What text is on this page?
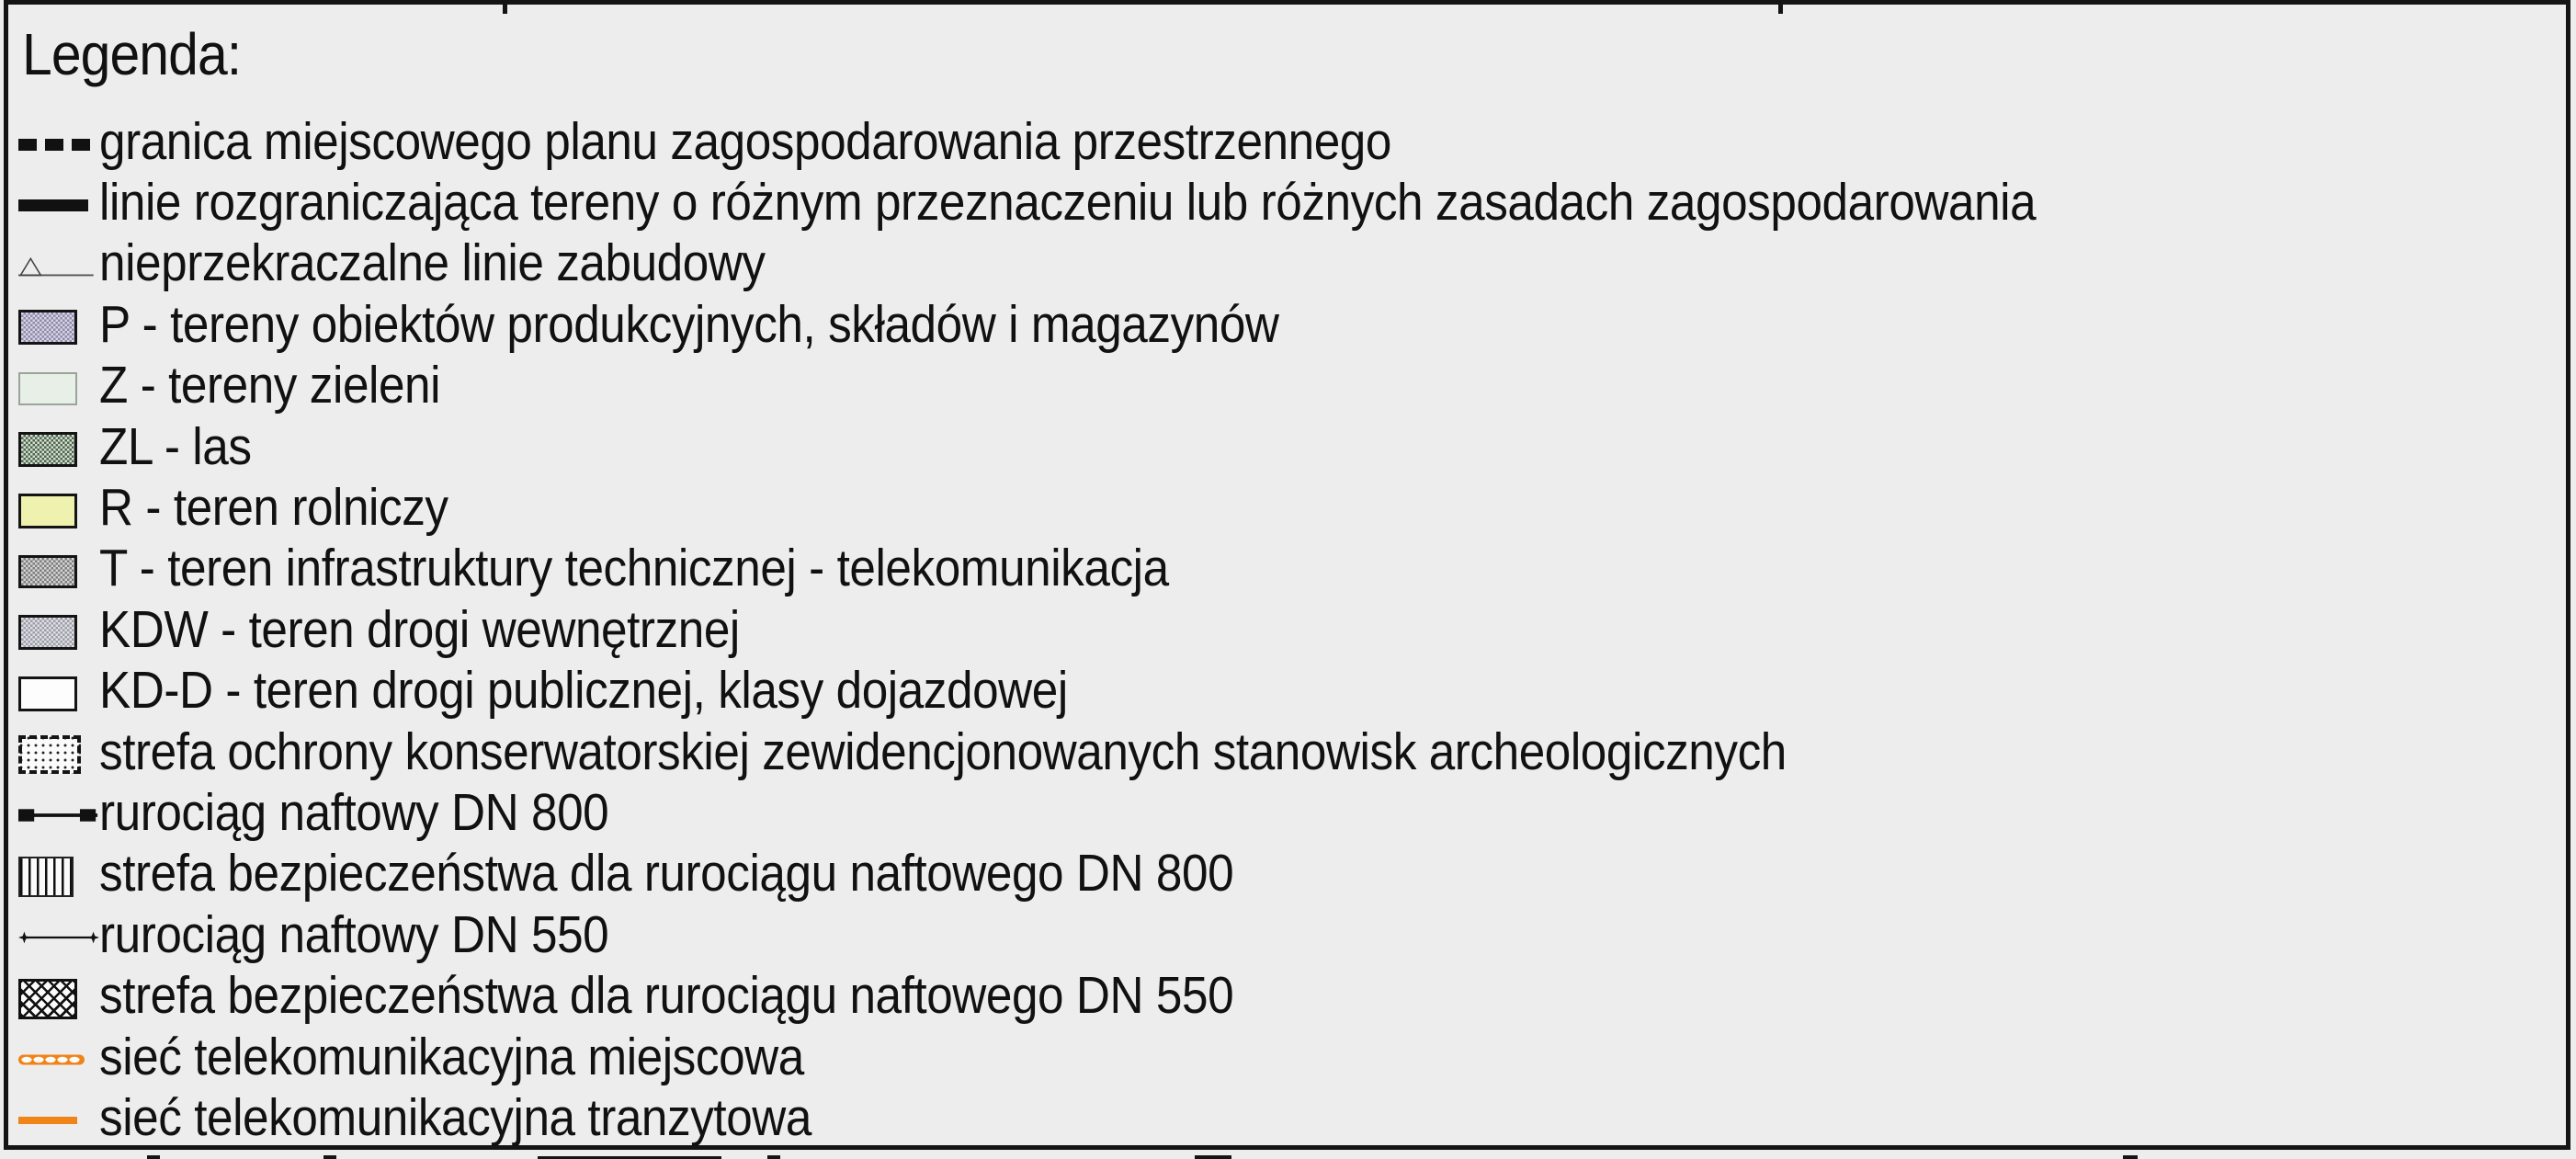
Legenda:
granica miejscowego planu zagospodarowania przestrzennego
linie rozgraniczająca tereny o różnym przeznaczeniu lub różnych zasadach zagospodarowania
nieprzekraczalne linie zabudowy
P - tereny obiektów produkcyjnych, składów i magazynów
Z - tereny zieleni
ZL - las
R - teren rolniczy
T - teren infrastruktury technicznej - telekomunikacja
KDW - teren drogi wewnętrznej
KD-D - teren drogi publicznej, klasy dojazdowej
strefa ochrony konserwatorskiej zewidencjonowanych stanowisk archeologicznych
rurociąg naftowy DN 800
strefa bezpieczeństwa dla rurociągu naftowego DN 800
rurociąg naftowy DN 550
strefa bezpieczeństwa dla rurociągu naftowego DN 550
sieć telekomunikacyjna miejscowa
sieć telekomunikacyjna tranzytowa
